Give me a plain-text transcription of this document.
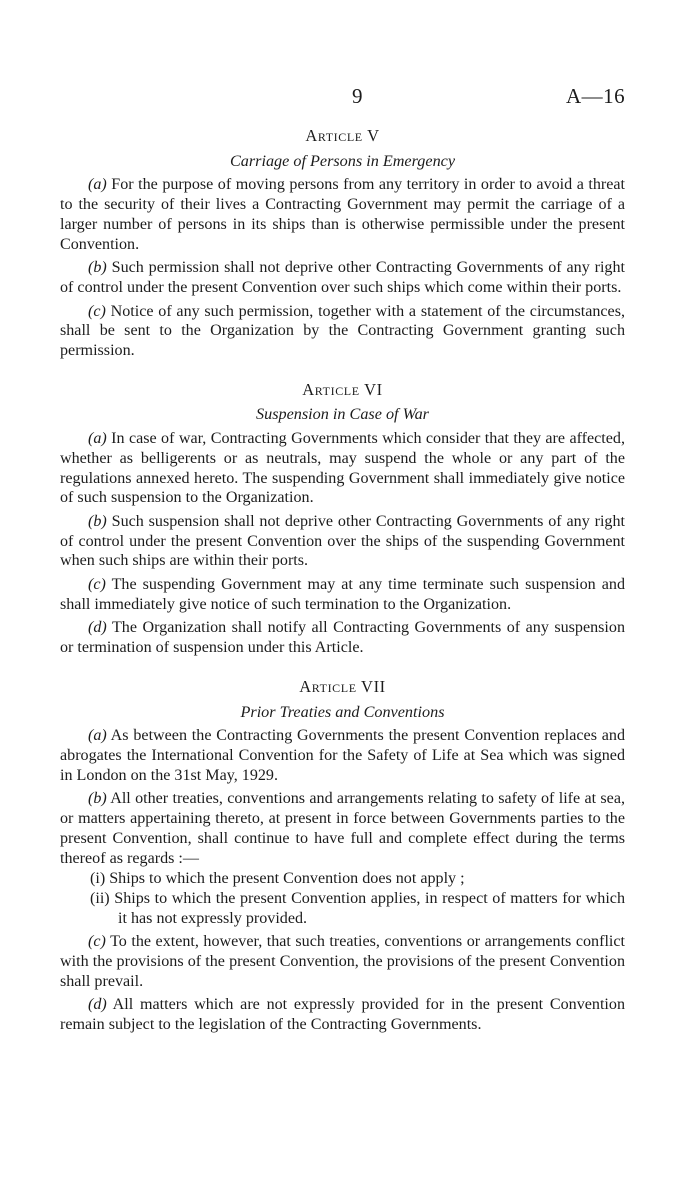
9	A—16

Article V

Carriage of Persons in Emergency

(a) For the purpose of moving persons from any territory in order to avoid a threat to the security of their lives a Contracting Government may permit the carriage of a larger number of persons in its ships than is otherwise permissible under the present Convention.

(b) Such permission shall not deprive other Contracting Governments of any right of control under the present Convention over such ships which come within their ports.

(c) Notice of any such permission, together with a statement of the circumstances, shall be sent to the Organization by the Contracting Government granting such permission.

Article VI

Suspension in Case of War

(a) In case of war, Contracting Governments which consider that they are affected, whether as belligerents or as neutrals, may suspend the whole or any part of the regulations annexed hereto. The suspending Government shall immediately give notice of such suspension to the Organization.

(b) Such suspension shall not deprive other Contracting Governments of any right of control under the present Convention over the ships of the suspending Government when such ships are within their ports.

(c) The suspending Government may at any time terminate such suspension and shall immediately give notice of such termination to the Organization.

(d) The Organization shall notify all Contracting Governments of any suspension or termination of suspension under this Article.

Article VII

Prior Treaties and Conventions

(a) As between the Contracting Governments the present Convention replaces and abrogates the International Convention for the Safety of Life at Sea which was signed in London on the 31st May, 1929.

(b) All other treaties, conventions and arrangements relating to safety of life at sea, or matters appertaining thereto, at present in force between Governments parties to the present Convention, shall continue to have full and complete effect during the terms thereof as regards :—

(i) Ships to which the present Convention does not apply ;

(ii) Ships to which the present Convention applies, in respect of matters for which it has not expressly provided.

(c) To the extent, however, that such treaties, conventions or arrangements conflict with the provisions of the present Convention, the provisions of the present Convention shall prevail.

(d) All matters which are not expressly provided for in the present Convention remain subject to the legislation of the Contracting Governments.
